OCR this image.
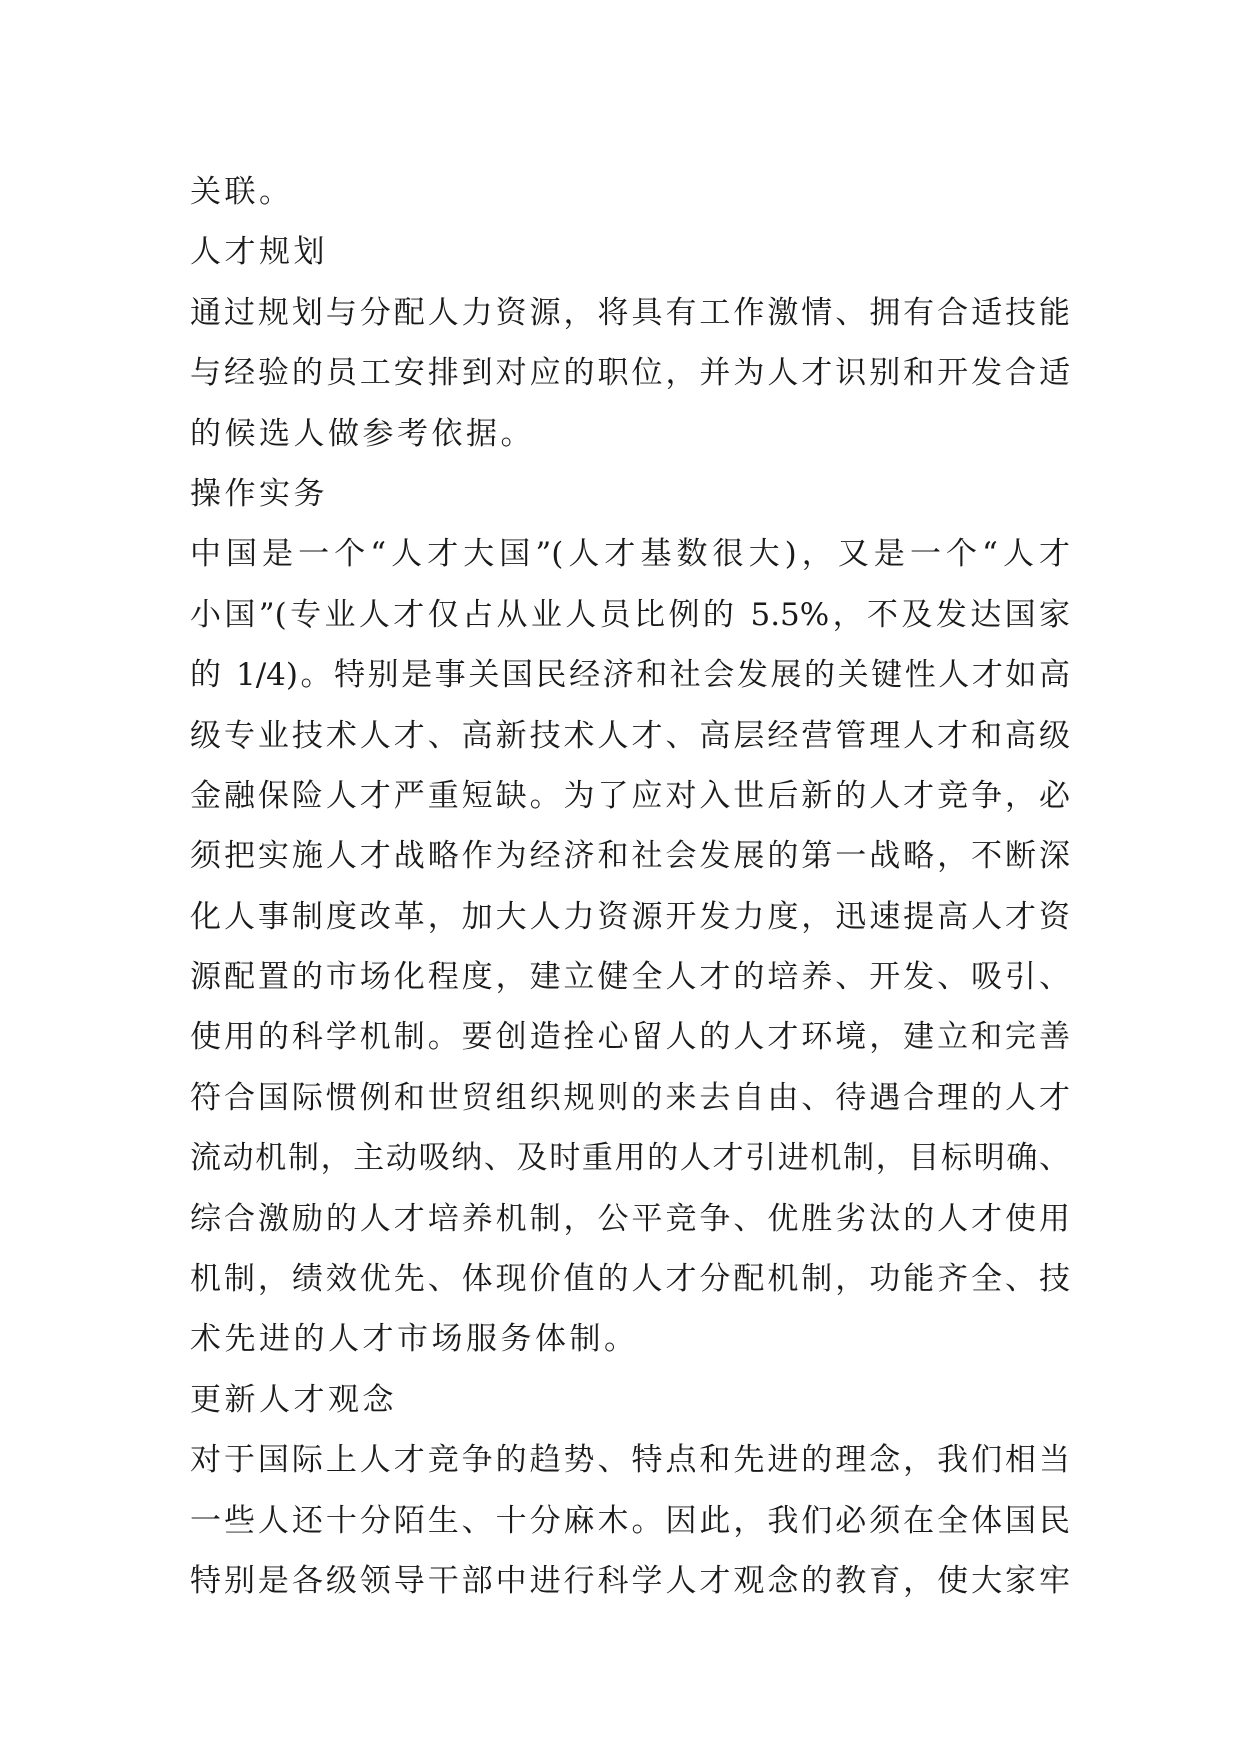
关联。
人才规划
通过规划与分配人力资源，将具有工作激情、拥有合适技能
与经验的员工安排到对应的职位，并为人才识别和开发合适
的候选人做参考依据。
操作实务
中国是一个“人才大国”(人才基数很大)，又是一个“人才
小国”(专业人才仅占从业人员比例的 5.5%，不及发达国家
的 1/4)。特别是事关国民经济和社会发展的关键性人才如高
级专业技术人才、高新技术人才、高层经营管理人才和高级
金融保险人才严重短缺。为了应对入世后新的人才竞争，必
须把实施人才战略作为经济和社会发展的第一战略，不断深
化人事制度改革，加大人力资源开发力度，迅速提高人才资
源配置的市场化程度，建立健全人才的培养、开发、吸引、
使用的科学机制。要创造拴心留人的人才环境，建立和完善
符合国际惯例和世贸组织规则的来去自由、待遇合理的人才
流动机制，主动吸纳、及时重用的人才引进机制，目标明确、
综合激励的人才培养机制，公平竞争、优胜劣汰的人才使用
机制，绩效优先、体现价值的人才分配机制，功能齐全、技
术先进的人才市场服务体制。
更新人才观念
对于国际上人才竞争的趋势、特点和先进的理念，我们相当
一些人还十分陌生、十分麻木。因此，我们必须在全体国民
特别是各级领导干部中进行科学人才观念的教育，使大家牢
